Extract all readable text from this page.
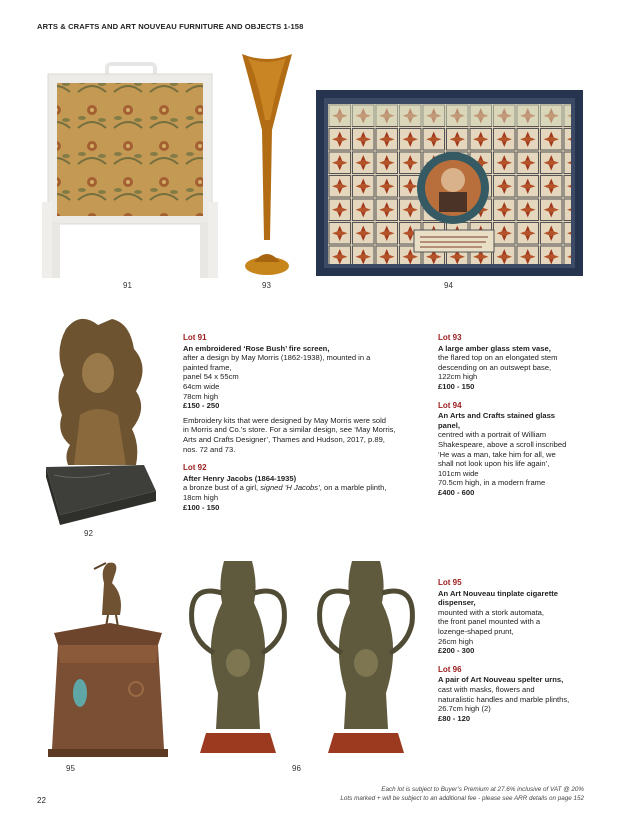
ARTS & CRAFTS AND ART NOUVEAU FURNITURE AND OBJECTS 1-158
91	93	94
92

Lot 91

An embroidered ‘Rose Bush’ fire screen,

after a design by May Morris (1862-1938), mounted in a

painted frame,

panel 54 x 55cm

64cm wide

78cm high

£150 - 250

Embroidery kits that were designed by May Morris were sold

in Morris and Co.’s store. For a similar design, see ‘May Morris,

Arts and Crafts Designer’, Thames and Hudson, 2017, p.89,

nos. 72 and 73.

Lot 92

After Henry Jacobs (1864-1935)

a bronze bust of a girl, signed ‘H Jacobs’, on a marble plinth,

18cm high

£100 - 150

Lot 93

A large amber glass stem vase,

the flared top on an elongated stem

descending on an outswept base,

122cm high

£100 - 150

Lot 94

An Arts and Crafts stained glass

panel,

centred with a portrait of William

Shakespeare, above a scroll inscribed

‘He was a man, take him for all, we

shall not look upon his life again’,

101cm wide

70.5cm high, in a modern frame

£400 - 600

95	96

Lot 95

An Art Nouveau tinplate cigarette

dispenser,

mounted with a stork automata,

the front panel mounted with a

lozenge-shaped prunt,

26cm high

£200 - 300

Lot 96

A pair of Art Nouveau spelter urns,

cast with masks, flowers and

naturalistic handles and marble plinths,

26.7cm high (2)

£80 - 120

Each lot is subject to Buyer’s Premium at 27.6% inclusive of VAT @ 20%
Lots marked + will be subject to an additional fee - please see ARR details on page 152
22
